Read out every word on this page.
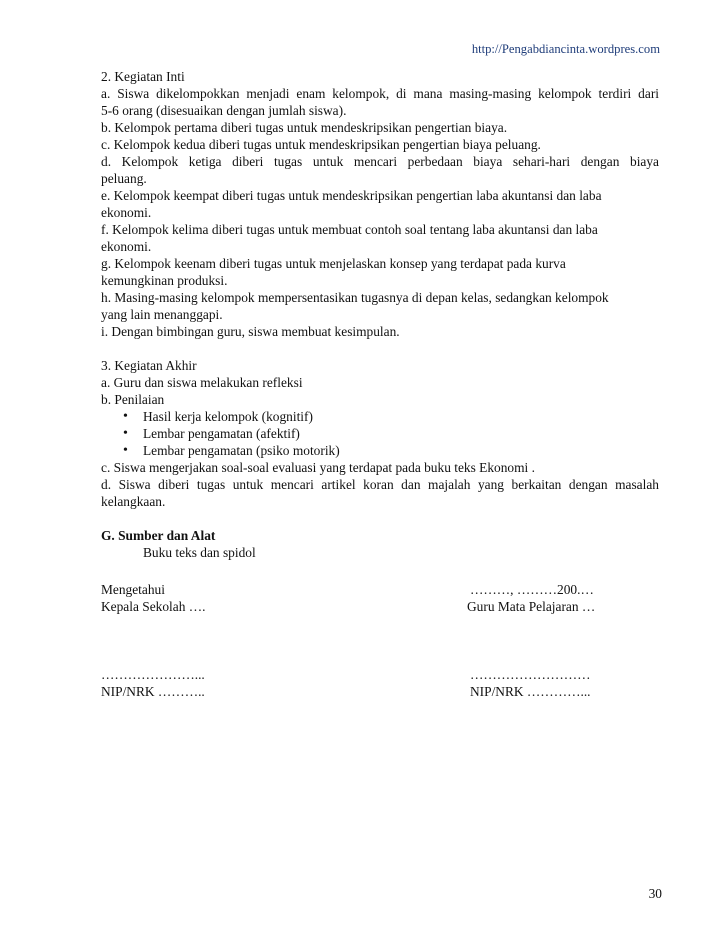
http://Pengabdiancinta.wordpres.com

2. Kegiatan Inti

a. Siswa dikelompokkan menjadi enam kelompok, di mana masing-masing kelompok terdiri dari

5-6 orang (disesuaikan dengan jumlah siswa).

b. Kelompok pertama diberi tugas untuk mendeskripsikan pengertian biaya.

c. Kelompok kedua diberi tugas untuk mendeskripsikan pengertian biaya peluang.

d. Kelompok ketiga diberi tugas untuk mencari perbedaan biaya sehari-hari dengan biaya

peluang.

e. Kelompok keempat diberi tugas untuk mendeskripsikan pengertian laba akuntansi dan laba

ekonomi.

f. Kelompok kelima diberi tugas untuk membuat contoh soal tentang laba akuntansi dan laba

ekonomi.

g. Kelompok keenam diberi tugas untuk menjelaskan konsep yang terdapat pada kurva

kemungkinan produksi.

h. Masing-masing kelompok mempersentasikan tugasnya di depan kelas, sedangkan kelompok

yang lain menanggapi.

i. Dengan bimbingan guru, siswa membuat kesimpulan.

3. Kegiatan Akhir

a. Guru dan siswa melakukan refleksi

b. Penilaian

• Hasil kerja kelompok (kognitif)
• Lembar pengamatan (afektif)
• Lembar pengamatan (psiko motorik)

c. Siswa mengerjakan soal-soal evaluasi yang terdapat pada buku teks Ekonomi .

d. Siswa diberi tugas untuk mencari artikel koran dan majalah yang berkaitan dengan masalah

kelangkaan.

G. Sumber dan Alat

Buku teks dan spidol

Mengetahui
Kepala Sekolah ….
………, ………200.…
Guru Mata Pelajaran …
…………………...
NIP/NRK ………..
………………………
NIP/NRK …………...
30
